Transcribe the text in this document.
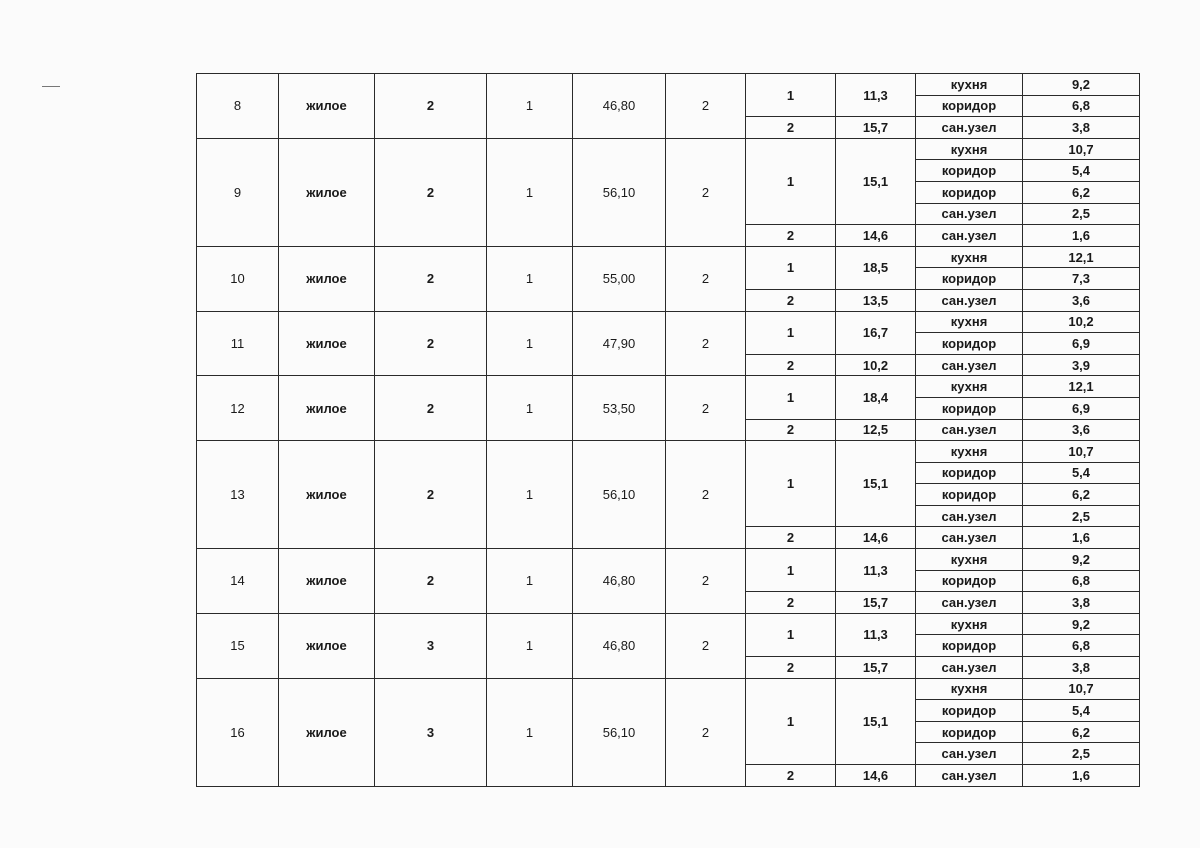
8	жилое	2	1	46,80	2	1	11,3	кухня	9,2
								коридор	6,8
						2	15,7	сан.узел	3,8
9	жилое	2	1	56,10	2	1	15,1	кухня	10,7
								коридор	5,4
								коридор	6,2
								сан.узел	2,5
						2	14,6	сан.узел	1,6
10	жилое	2	1	55,00	2	1	18,5	кухня	12,1
								коридор	7,3
						2	13,5	сан.узел	3,6
11	жилое	2	1	47,90	2	1	16,7	кухня	10,2
								коридор	6,9
						2	10,2	сан.узел	3,9
12	жилое	2	1	53,50	2	1	18,4	кухня	12,1
								коридор	6,9
						2	12,5	сан.узел	3,6
13	жилое	2	1	56,10	2	1	15,1	кухня	10,7
								коридор	5,4
								коридор	6,2
								сан.узел	2,5
						2	14,6	сан.узел	1,6
14	жилое	2	1	46,80	2	1	11,3	кухня	9,2
								коридор	6,8
						2	15,7	сан.узел	3,8
15	жилое	3	1	46,80	2	1	11,3	кухня	9,2
								коридор	6,8
						2	15,7	сан.узел	3,8
16	жилое	3	1	56,10	2	1	15,1	кухня	10,7
								коридор	5,4
								коридор	6,2
								сан.узел	2,5
						2	14,6	сан.узел	1,6
